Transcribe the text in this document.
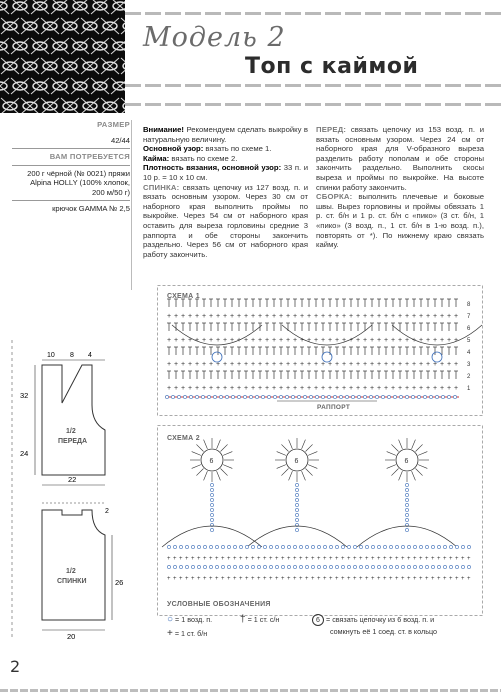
Модель 2
Топ с каймой
РАЗМЕР
42/44
ВАМ ПОТРЕБУЕТСЯ
200 г чёрной (№ 0021) пряжи
Alpina HOLLY (100% хлопок,
200 м/50 г)
крючок GAMMA № 2,5

Внимание! Рекомендуем сделать выкройку в натуральную величину.

Основной узор: вязать по схеме 1.

Кайма: вязать по схеме 2.

Плотность вязания, основной узор: 33 п. и 10 р. = 10 х 10 см.

СПИНКА: связать цепочку из 127 возд. п. и вязать основным узором. Через 30 см от наборного края выполнить проймы по выкройке. Через 54 см от наборного края оставить для вырезa горловины средние 3 раппорта и обе стороны закончить раздельно. Через 56 см от наборного края работу закончить.

ПЕРЕД: связать цепочку из 153 возд. п. и вязать основным узором. Через 24 см от наборного края для V-образного выреза разделить работу пополам и обе стороны закончить раздельно. Выполнить скосы выреза и проймы по выкройке. На высоте спинки работу закончить.

СБОРКА: выполнить плечевые и боковые швы. Вырез горловины и проймы обвязать 1 р. ст. б/н и 1 р. ст. б/н с «пико» (3 ст. б/н, 1 «пико» (3 возд. п., 1 ст. б/н в 1-ю возд. п.), повторять от *). По нижнему краю связать кайму.

10 8 4
32
24
1/2
ПЕРЕДА
22
2
26
1/2
СПИНКИ
20
8
7
+ + + + + + + + + + + + + + + + + + + + + + + + + + + + + + + + + + + + + + + + + +
6
5
+ + + + + + + + + + + + + + + + + + + + + + + + + + + + + + + + + + + + + + + + + +
4
3
+ + + + + + + + + + + + + + + + + + + + + + + + + + + + + + + + + + + + + + + + + +
2
1
+ + + + + + + + + + + + + + + + + + + + + + + + + + + + + + + + + + + + + + + + + +
6	6	6
+ + + + + + + + + + + + + + + + + + + + + + + + + + + + + + + + + + + + + + + + + + + + + + + + + + +
+ + + + + + + + + + + + + + + + + + + + + + + + + + + + + + + + + + + + + + + + + + + + + + + + + + +
СХЕМА 1
СХЕМА 2
РАППОРТ
УСЛОВНЫЕ ОБОЗНАЧЕНИЯ
○ = 1 возд. п.
+ = 1 ст. б/н
† = 1 ст. с/н	6 = связать цепочку из 6 возд. п. и
сомкнуть её 1 соед. ст. в кольцо
2
